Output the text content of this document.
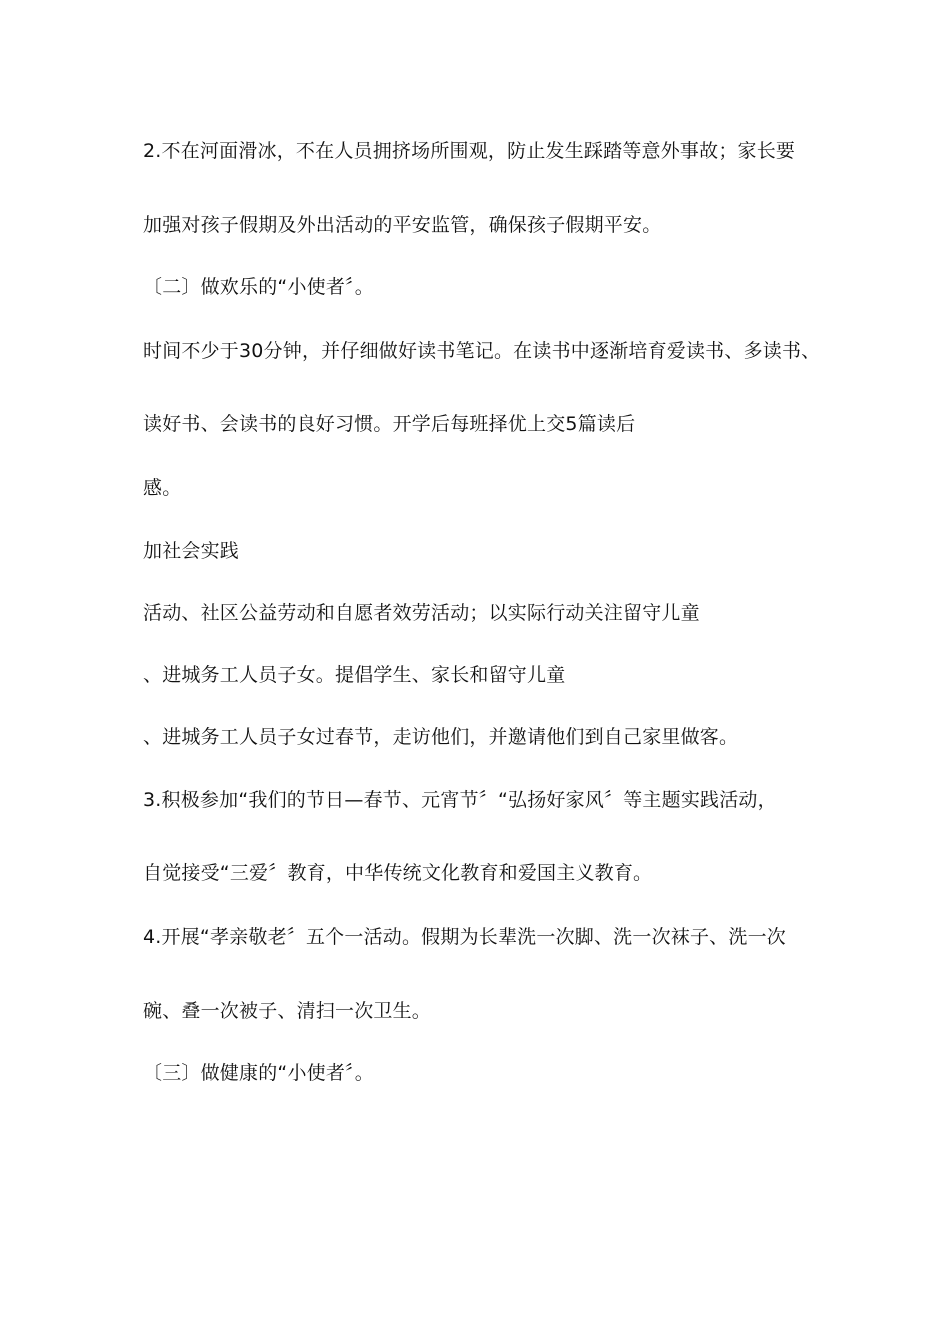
2.不在河面滑冰，不在人员拥挤场所围观，防止发生踩踏等意外事故；家长要
加强对孩子假期及外出活动的平安监管，确保孩子假期平安。
〔二〕做欢乐的“小使者〞。
时间不少于30分钟，并仔细做好读书笔记。在读书中逐渐培育爱读书、多读书、
读好书、会读书的良好习惯。开学后每班择优上交5篇读后
感。
加社会实践
活动、社区公益劳动和自愿者效劳活动；以实际行动关注留守儿童
、进城务工人员子女。提倡学生、家长和留守儿童
、进城务工人员子女过春节，走访他们，并邀请他们到自己家里做客。
3.积极参加“我们的节日—春节、元宵节〞“弘扬好家风〞等主题实践活动，
自觉接受“三爱〞教育，中华传统文化教育和爱国主义教育。
4.开展“孝亲敬老〞五个一活动。假期为长辈洗一次脚、洗一次袜子、洗一次
碗、叠一次被子、清扫一次卫生。
〔三〕做健康的“小使者〞。
